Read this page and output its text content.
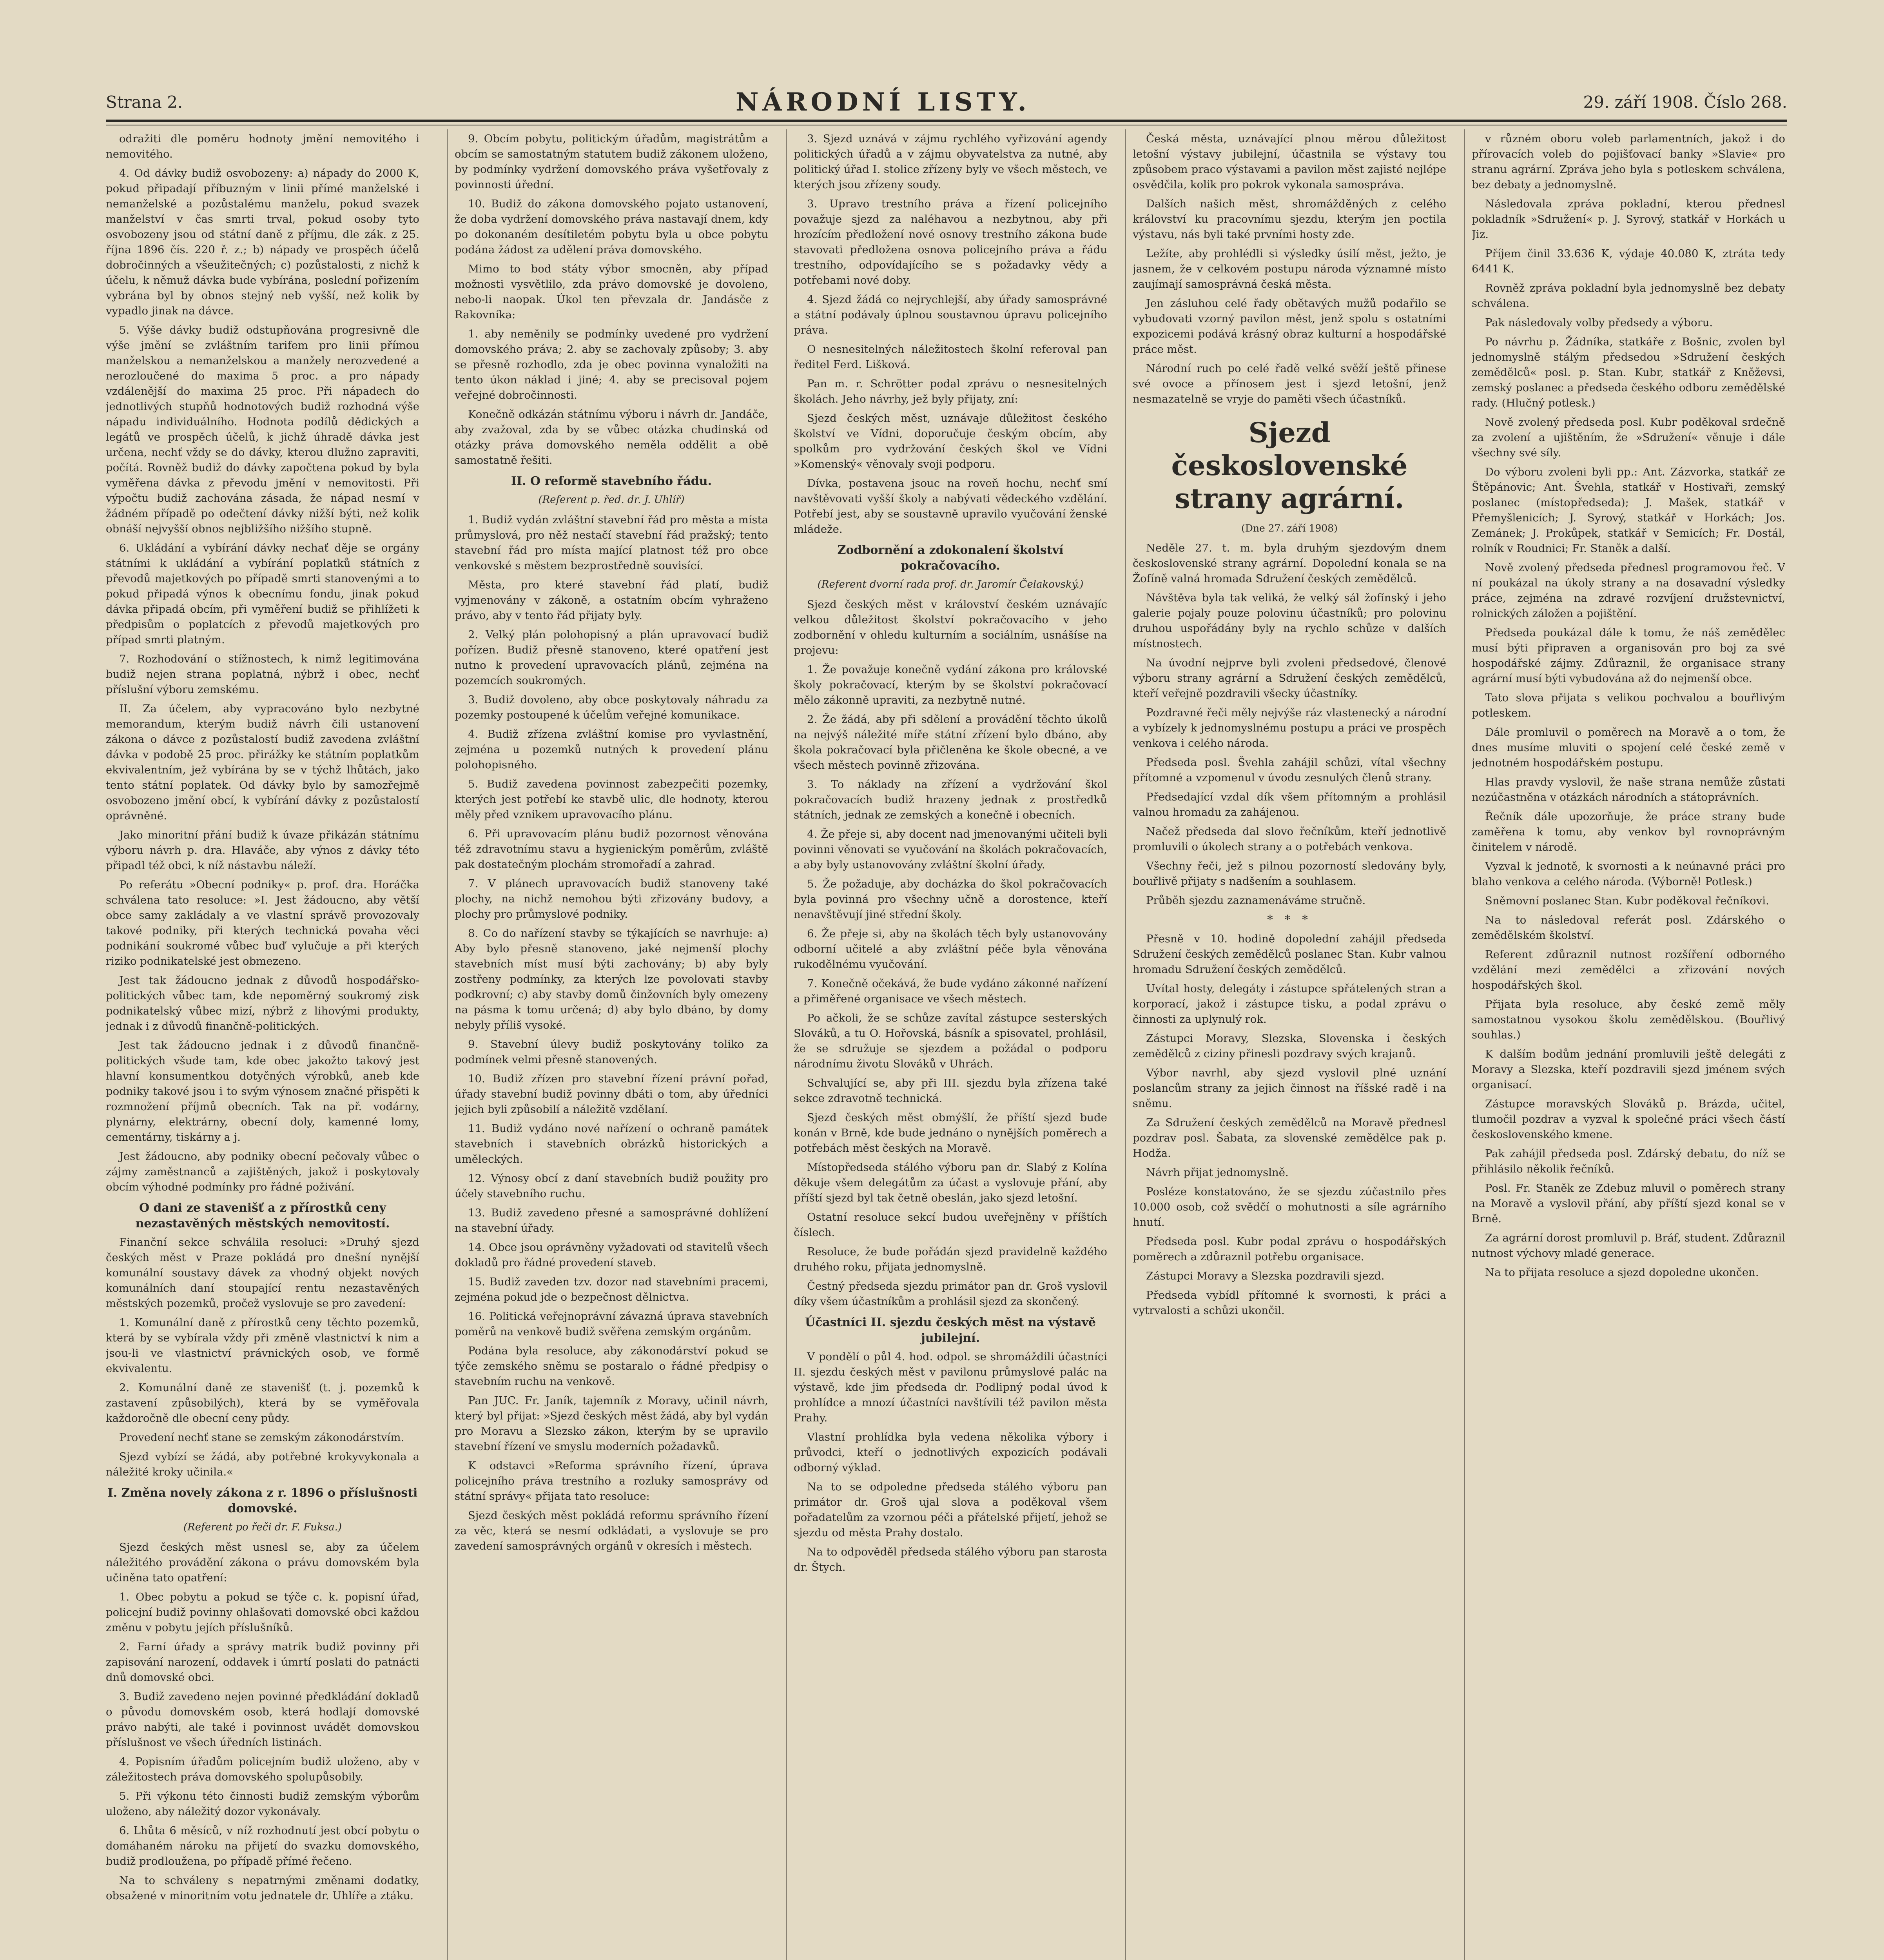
Strana 2.	NÁRODNÍ LISTY.	29. září 1908. Číslo 268.

odražiti dle poměru hodnoty jmění nemovitého i nemovitého.

4. Od dávky budiž osvobozeny: a) nápady do 2000 K, pokud připadají příbuzným v linii přímé manželské i nemanželské a pozůstalému manželu, pokud svazek manželství v čas smrti trval, pokud osoby tyto osvobozeny jsou od státní daně z příjmu, dle zák. z 25. října 1896 čís. 220 ř. z.; b) nápady ve prospěch účelů dobročinných a všeužitečných; c) pozůstalosti, z nichž k účelu, k němuž dávka bude vybírána, poslední pořizením vybrána byl by obnos stejný neb vyšší, než kolik by vypadlo jinak na dávce.

5. Výše dávky budiž odstupňována progresivně dle výše jmění se zvláštním tarifem pro linii přímou manželskou a nemanželskou a manžely nerozvedené a nerozloučené do maxima 5 proc. a pro nápady vzdálenější do maxima 25 proc. Při nápadech do jednotlivých stupňů hodnotových budiž rozhodná výše nápadu individuálního. Hodnota podílů dědických a legátů ve prospěch účelů, k jichž úhradě dávka jest určena, nechť vždy se do dávky, kterou dlužno zapraviti, počítá. Rovněž budiž do dávky započtena pokud by byla vyměřena dávka z převodu jmění v nemovitosti. Při výpočtu budiž zachována zásada, že nápad nesmí v žádném případě po odečtení dávky nižší býti, než kolik obnáší nejvyšší obnos nejbližšího nižšího stupně.

6. Ukládání a vybírání dávky nechať děje se orgány státními k ukládání a vybírání poplatků státních z převodů majetkových po případě smrti stanovenými a to pokud připadá výnos k obecnímu fondu, jinak pokud dávka připadá obcím, při vyměření budiž se přihlížeti k předpisům o poplatcích z převodů majetkových pro případ smrti platným.

7. Rozhodování o stížnostech, k nimž legitimována budiž nejen strana poplatná, nýbrž i obec, nechť příslušní výboru zemskému.

II. Za účelem, aby vypracováno bylo nezbytné memorandum, kterým budiž návrh čili ustanovení zákona o dávce z pozůstalostí budiž zavedena zvláštní dávka v podobě 25 proc. přirážky ke státním poplatkům ekvivalentním, jež vybírána by se v týchž lhůtách, jako tento státní poplatek. Od dávky bylo by samozřejmě osvobozeno jmění obcí, k vybírání dávky z pozůstalostí oprávněné.

Jako minoritní přání budiž k úvaze přikázán státnímu výboru návrh p. dra. Hlaváče, aby výnos z dávky této připadl též obci, k níž nástavbu náleží.

Po referátu »Obecní podniky« p. prof. dra. Horáčka schválena tato resoluce: »I. Jest žádoucno, aby větší obce samy zakládaly a ve vlastní správě provozovaly takové podniky, při kterých technická povaha věci podnikání soukromé vůbec buď vylučuje a při kterých riziko podnikatelské jest obmezeno.

Jest tak žádoucno jednak z důvodů hospodářsko-politických vůbec tam, kde nepoměrný soukromý zisk podnikatelský vůbec mizí, nýbrž z lihovými produkty, jednak i z důvodů finančně-politických.

Jest tak žádoucno jednak i z důvodů finančně-politických všude tam, kde obec jakožto takový jest hlavní konsumentkou dotyčných výrobků, aneb kde podniky takové jsou i to svým výnosem značné přispěti k rozmnožení příjmů obecních. Tak na př. vodárny, plynárny, elektrárny, obecní doly, kamenné lomy, cementárny, tiskárny a j.

Jest žádoucno, aby podniky obecní pečovaly vůbec o zájmy zaměstnanců a zajištěných, jakož i poskytovaly obcím výhodné podmínky pro řádné poživání.

O dani ze stavenišť a z přírostků ceny nezastavěných městských nemovitostí.

Finanční sekce schválila resoluci: »Druhý sjezd českých měst v Praze pokládá pro dnešní nynější komunální soustavy dávek za vhodný objekt nových komunálních daní stoupající rentu nezastavěných městských pozemků, pročež vyslovuje se pro zavedení:

1. Komunální daně z přírostků ceny těchto pozemků, která by se vybírala vždy při změně vlastnictví k nim a jsou-li ve vlastnictví právnických osob, ve formě ekvivalentu.

2. Komunální daně ze stavenišť (t. j. pozemků k zastavení způsobilých), která by se vyměřovala každoročně dle obecní ceny půdy.

Provedení nechť stane se zemským zákonodárstvím.

Sjezd vybízí se žádá, aby potřebné krokyvykonala a náležité kroky učinila.«

I. Změna novely zákona z r. 1896 o příslušnosti domovské.
(Referent po řeči dr. F. Fuksa.)

Sjezd českých měst usnesl se, aby za účelem náležitého provádění zákona o právu domovském byla učiněna tato opatření:

1. Obec pobytu a pokud se týče c. k. popisní úřad, policejní budiž povinny ohlašovati domovské obci každou změnu v pobytu jejích příslušníků.

2. Farní úřady a správy matrik budiž povinny při zapisování narození, oddavek i úmrtí poslati do patnácti dnů domovské obci.

3. Budiž zavedeno nejen povinné předkládání dokladů o původu domovském osob, která hodlají domovské právo nabýti, ale také i povinnost uvádět domovskou příslušnost ve všech úředních listinách.

4. Popisním úřadům policejním budiž uloženo, aby v záležitostech práva domovského spolupůsobily.

5. Při výkonu této činnosti budiž zemským výborům uloženo, aby náležitý dozor vykonávaly.

6. Lhůta 6 měsíců, v níž rozhodnutí jest obcí pobytu o domáhaném nároku na přijetí do svazku domovského, budiž prodloužena, po případě přímé řečeno.

Na to schváleny s nepatrnými změnami dodatky, obsažené v minoritním votu jednatele dr. Uhlíře a ztáku.

9. Obcím pobytu, politickým úřadům, magistrátům a obcím se samostatným statutem budiž zákonem uloženo, by podmínky vydržení domovského práva vyšetřovaly z povinnosti úřední.

10. Budiž do zákona domovského pojato ustanovení, že doba vydržení domovského práva nastavají dnem, kdy po dokonaném desítiletém pobytu byla u obce pobytu podána žádost za udělení práva domovského.

Mimo to bod státy výbor smocněn, aby případ možnosti vysvětlilo, zda právo domovské je dovoleno, nebo-li naopak. Úkol ten převzala dr. Jandásče z Rakovníka:

1. aby neměnily se podmínky uvedené pro vydržení domovského práva; 2. aby se zachovaly způsoby; 3. aby se přesně rozhodlo, zda je obec povinna vynaložiti na tento úkon náklad i jiné; 4. aby se precisoval pojem veřejné dobročinnosti.

Konečně odkázán státnímu výboru i návrh dr. Jandáče, aby zvažoval, zda by se vůbec otázka chudinská od otázky práva domovského neměla oddělit a obě samostatně řešiti.

II. O reformě stavebního řádu.
(Referent p. řed. dr. J. Uhlíř)

1. Budiž vydán zvláštní stavební řád pro města a místa průmyslová, pro něž nestačí stavební řád pražský; tento stavební řád pro místa mající platnost též pro obce venkovské s městem bezprostředně souvisící.

Města, pro které stavební řád platí, budiž vyjmenovány v zákoně, a ostatním obcím vyhraženo právo, aby v tento řád přijaty byly.

2. Velký plán polohopisný a plán upravovací budiž pořízen. Budiž přesně stanoveno, které opatření jest nutno k provedení upravovacích plánů, zejména na pozemcích soukromých.

3. Budiž dovoleno, aby obce poskytovaly náhradu za pozemky postoupené k účelům veřejné komunikace.

4. Budiž zřízena zvláštní komise pro vyvlastnění, zejména u pozemků nutných k provedení plánu polohopisného.

5. Budiž zavedena povinnost zabezpečiti pozemky, kterých jest potřebí ke stavbě ulic, dle hodnoty, kterou měly před vznikem upravovacího plánu.

6. Při upravovacím plánu budiž pozornost věnována též zdravotnímu stavu a hygienickým poměrům, zvláště pak dostatečným plochám stromořadí a zahrad.

7. V plánech upravovacích budiž stanoveny také plochy, na nichž nemohou býti zřizovány budovy, a plochy pro průmyslové podniky.

8. Co do nařízení stavby se týkajících se navrhuje: a) Aby bylo přesně stanoveno, jaké nejmenší plochy stavebních míst musí býti zachovány; b) aby byly zostřeny podmínky, za kterých lze povolovati stavby podkrovní; c) aby stavby domů činžovních byly omezeny na pásma k tomu určená; d) aby bylo dbáno, by domy nebyly příliš vysoké.

9. Stavební úlevy budiž poskytovány toliko za podmínek velmi přesně stanovených.

10. Budiž zřízen pro stavební řízení právní pořad, úřady stavební budiž povinny dbáti o tom, aby úředníci jejich byli způsobilí a náležitě vzdělaní.

11. Budiž vydáno nové nařízení o ochraně památek stavebních i stavebních obrázků historických a uměleckých.

12. Výnosy obcí z daní stavebních budiž použity pro účely stavebního ruchu.

13. Budiž zavedeno přesné a samosprávné dohlížení na stavební úřady.

14. Obce jsou oprávněny vyžadovati od stavitelů všech dokladů pro řádné provedení staveb.

15. Budiž zaveden tzv. dozor nad stavebními pracemi, zejména pokud jde o bezpečnost dělnictva.

16. Politická veřejnoprávní závazná úprava stavebních poměrů na venkově budiž svěřena zemským orgánům.

Podána byla resoluce, aby zákonodárství pokud se týče zemského sněmu se postaralo o řádné předpisy o stavebním ruchu na venkově.

Pan JUC. Fr. Janík, tajemník z Moravy, učinil návrh, který byl přijat: »Sjezd českých měst žádá, aby byl vydán pro Moravu a Slezsko zákon, kterým by se upravilo stavební řízení ve smyslu moderních požadavků.

K odstavci »Reforma správního řízení, úprava policejního práva trestního a rozluky samosprávy od státní správy« přijata tato resoluce:

Sjezd českých měst pokládá reformu správního řízení za věc, která se nesmí odkládati, a vyslovuje se pro zavedení samosprávných orgánů v okresích i městech.

3. Sjezd uznává v zájmu rychlého vyřizování agendy politických úřadů a v zájmu obyvatelstva za nutné, aby politický úřad I. stolice zřízeny byly ve všech městech, ve kterých jsou zřízeny soudy.

3. Upravo trestního práva a řízení policejního považuje sjezd za naléhavou a nezbytnou, aby při hrozícím předložení nové osnovy trestního zákona bude stavovati předložena osnova policejního práva a řádu trestního, odpovídajícího se s požadavky vědy a potřebami nové doby.

4. Sjezd žádá co nejrychlejší, aby úřady samosprávné a státní podávaly úplnou soustavnou úpravu policejního práva.

O nesnesitelných náležitostech školní referoval pan ředitel Ferd. Lišková.

Pan m. r. Schrötter podal zprávu o nesnesitelných školách. Jeho návrhy, jež byly přijaty, zní:

Sjezd českých měst, uznávaje důležitost českého školství ve Vídni, doporučuje českým obcím, aby spolkům pro vydržování českých škol ve Vídni »Komenský« věnovaly svoji podporu.

Dívka, postavena jsouc na roveň hochu, nechť smí navštěvovati vyšší školy a nabývati vědeckého vzdělání. Potřebí jest, aby se soustavně upravilo vyučování ženské mládeže.

Zodbornění a zdokonalení školství pokračovacího.
(Referent dvorní rada prof. dr. Jaromír Čelakovský.)

Sjezd českých měst v království českém uznávajíc velkou důležitost školství pokračovacího v jeho zodbornění v ohledu kulturním a sociálním, usnášíse na projevu:

1. Že považuje konečně vydání zákona pro královské školy pokračovací, kterým by se školství pokračovací mělo zákonně upraviti, za nezbytně nutné.

2. Že žádá, aby při sdělení a provádění těchto úkolů na nejvýš náležité míře státní zřízení bylo dbáno, aby škola pokračovací byla přičleněna ke škole obecné, a ve všech městech povinně zřizována.

3. To náklady na zřízení a vydržování škol pokračovacích budiž hrazeny jednak z prostředků státních, jednak ze zemských a konečně i obecních.

4. Že přeje si, aby docent nad jmenovanými učiteli byli povinni věnovati se vyučování na školách pokračovacích, a aby byly ustanovovány zvláštní školní úřady.

5. Že požaduje, aby docházka do škol pokračovacích byla povinná pro všechny učně a dorostence, kteří nenavštěvují jiné střední školy.

6. Že přeje si, aby na školách těch byly ustanovovány odborní učitelé a aby zvláštní péče byla věnována rukodělnému vyučování.

7. Konečně očekává, že bude vydáno zákonné nařízení a přiměřené organisace ve všech městech.

Po ačkoli, že se schůze zavítal zástupce sesterských Slováků, a tu O. Hořovská, básník a spisovatel, prohlásil, že se sdružuje se sjezdem a požádal o podporu národnímu životu Slováků v Uhrách.

Schvalující se, aby při III. sjezdu byla zřízena také sekce zdravotně technická.

Sjezd českých měst obmýšlí, že příští sjezd bude konán v Brně, kde bude jednáno o nynějších poměrech a potřebách měst českých na Moravě.

Místopředseda stálého výboru pan dr. Slabý z Kolína děkuje všem delegátům za účast a vyslovuje přání, aby příští sjezd byl tak četně obeslán, jako sjezd letošní.

Ostatní resoluce sekcí budou uveřejněny v příštích číslech.

Resoluce, že bude pořádán sjezd pravidelně každého druhého roku, přijata jednomyslně.

Čestný předseda sjezdu primátor pan dr. Groš vyslovil díky všem účastníkům a prohlásil sjezd za skončený.

Účastníci II. sjezdu českých měst na výstavě jubilejní.

V pondělí o půl 4. hod. odpol. se shromáždili účastníci II. sjezdu českých měst v pavilonu průmyslové palác na výstavě, kde jim předseda dr. Podlipný podal úvod k prohlídce a mnozí účastníci navštívili též pavilon města Prahy.

Vlastní prohlídka byla vedena několika výbory i průvodci, kteří o jednotlivých expozicích podávali odborný výklad.

Na to se odpoledne předseda stálého výboru pan primátor dr. Groš ujal slova a poděkoval všem pořadatelům za vzornou péči a přátelské přijetí, jehož se sjezdu od města Prahy dostalo.

Na to odpověděl předseda stálého výboru pan starosta dr. Štych.

Česká města, uznávající plnou měrou důležitost letošní výstavy jubilejní, účastnila se výstavy tou způsobem praco výstavami a pavilon měst zajisté nejlépe osvědčila, kolik pro pokrok vykonala samospráva.

Dalších našich měst, shromážděných z celého království ku pracovnímu sjezdu, kterým jen poctila výstavu, nás byli také prvními hosty zde.

Ležíte, aby prohlédli si výsledky úsilí měst, ježto, je jasnem, že v celkovém postupu národa významné místo zaujímají samosprávná česká města.

Jen zásluhou celé řady obětavých mužů podařilo se vybudovati vzorný pavilon měst, jenž spolu s ostatními expozicemi podává krásný obraz kulturní a hospodářské práce měst.

Národní ruch po celé řadě velké svěží ještě přinese své ovoce a přínosem jest i sjezd letošní, jenž nesmazatelně se vryje do paměti všech účastníků.

Sjezd československé strany agrární.
(Dne 27. září 1908)

Neděle 27. t. m. byla druhým sjezdovým dnem československé strany agrární. Dopolední konala se na Žofíně valná hromada Sdružení českých zemědělců.

Návštěva byla tak veliká, že velký sál žofínský i jeho galerie pojaly pouze polovinu účastníků; pro polovinu druhou uspořádány byly na rychlo schůze v dalších místnostech.

Na úvodní nejprve byli zvoleni předsedové, členové výboru strany agrární a Sdružení českých zemědělců, kteří veřejně pozdravili všecky účastníky.

Pozdravné řeči měly nejvýše ráz vlastenecký a národní a vybízely k jednomyslnému postupu a práci ve prospěch venkova i celého národa.

Předseda posl. Švehla zahájil schůzi, vítal všechny přítomné a vzpomenul v úvodu zesnulých členů strany.

Předsedající vzdal dík všem přítomným a prohlásil valnou hromadu za zahájenou.

Načež předseda dal slovo řečníkům, kteří jednotlivě promluvili o úkolech strany a o potřebách venkova.

Všechny řeči, jež s pilnou pozorností sledovány byly, bouřlivě přijaty s nadšením a souhlasem.

Průběh sjezdu zaznamenáváme stručně.

* * *

Přesně v 10. hodině dopolední zahájil předseda Sdružení českých zemědělců poslanec Stan. Kubr valnou hromadu Sdružení českých zemědělců.

Uvítal hosty, delegáty i zástupce spřátelených stran a korporací, jakož i zástupce tisku, a podal zprávu o činnosti za uplynulý rok.

Zástupci Moravy, Slezska, Slovenska i českých zemědělců z ciziny přinesli pozdravy svých krajanů.

Výbor navrhl, aby sjezd vyslovil plné uznání poslancům strany za jejich činnost na říšské radě i na sněmu.

Za Sdružení českých zemědělců na Moravě přednesl pozdrav posl. Šabata, za slovenské zemědělce pak p. Hodža.

Návrh přijat jednomyslně.

Posléze konstatováno, že se sjezdu zúčastnilo přes 10.000 osob, což svědčí o mohutnosti a síle agrárního hnutí.

Předseda posl. Kubr podal zprávu o hospodářských poměrech a zdůraznil potřebu organisace.

Zástupci Moravy a Slezska pozdravili sjezd.

Předseda vybídl přítomné k svornosti, k práci a vytrvalosti a schůzi ukončil.

v různém oboru voleb parlamentních, jakož i do přírovacích voleb do pojišťovací banky »Slavie« pro stranu agrární. Zpráva jeho byla s potleskem schválena, bez debaty a jednomyslně.

Následovala zpráva pokladní, kterou přednesl pokladník »Sdružení« p. J. Syrový, statkář v Horkách u Jiz.

Příjem činil 33.636 K, výdaje 40.080 K, ztráta tedy 6441 K.

Rovněž zpráva pokladní byla jednomyslně bez debaty schválena.

Pak následovaly volby předsedy a výboru.

Po návrhu p. Žádníka, statkáře z Bošnic, zvolen byl jednomyslně stálým předsedou »Sdružení českých zemědělců« posl. p. Stan. Kubr, statkář z Kněževsi, zemský poslanec a předseda českého odboru zemědělské rady. (Hlučný potlesk.)

Nově zvolený předseda posl. Kubr poděkoval srdečně za zvolení a ujištěním, že »Sdružení« věnuje i dále všechny své síly.

Do výboru zvoleni byli pp.: Ant. Zázvorka, statkář ze Štěpánovic; Ant. Švehla, statkář v Hostivaři, zemský poslanec (místopředseda); J. Mašek, statkář v Přemyšlenicích; J. Syrový, statkář v Horkách; Jos. Zemánek; J. Prokůpek, statkář v Semicích; Fr. Dostál, rolník v Roudnici; Fr. Staněk a další.

Nově zvolený předseda přednesl programovou řeč. V ní poukázal na úkoly strany a na dosavadní výsledky práce, zejména na zdravé rozvíjení družstevnictví, rolnických záložen a pojištění.

Předseda poukázal dále k tomu, že náš zemědělec musí býti připraven a organisován pro boj za své hospodářské zájmy. Zdůraznil, že organisace strany agrární musí býti vybudována až do nejmenší obce.

Tato slova přijata s velikou pochvalou a bouřlivým potleskem.

Dále promluvil o poměrech na Moravě a o tom, že dnes musíme mluviti o spojení celé české země v jednotném hospodářském postupu.

Hlas pravdy vyslovil, že naše strana nemůže zůstati nezúčastněna v otázkách národních a státoprávních.

Řečník dále upozorňuje, že práce strany bude zaměřena k tomu, aby venkov byl rovnoprávným činitelem v národě.

Vyzval k jednotě, k svornosti a k neúnavné práci pro blaho venkova a celého národa. (Výborně! Potlesk.)

Sněmovní poslanec Stan. Kubr poděkoval řečníkovi.

Na to následoval referát posl. Zdárského o zemědělském školství.

Referent zdůraznil nutnost rozšíření odborného vzdělání mezi zemědělci a zřizování nových hospodářských škol.

Přijata byla resoluce, aby české země měly samostatnou vysokou školu zemědělskou. (Bouřlivý souhlas.)

K dalším bodům jednání promluvili ještě delegáti z Moravy a Slezska, kteří pozdravili sjezd jménem svých organisací.

Zástupce moravských Slováků p. Brázda, učitel, tlumočil pozdrav a vyzval k společné práci všech částí československého kmene.

Pak zahájil předseda posl. Zdárský debatu, do níž se přihlásilo několik řečníků.

Posl. Fr. Staněk ze Zdebuz mluvil o poměrech strany na Moravě a vyslovil přání, aby příští sjezd konal se v Brně.

Za agrární dorost promluvil p. Bráf, student. Zdůraznil nutnost výchovy mladé generace.

Na to přijata resoluce a sjezd dopoledne ukončen.
